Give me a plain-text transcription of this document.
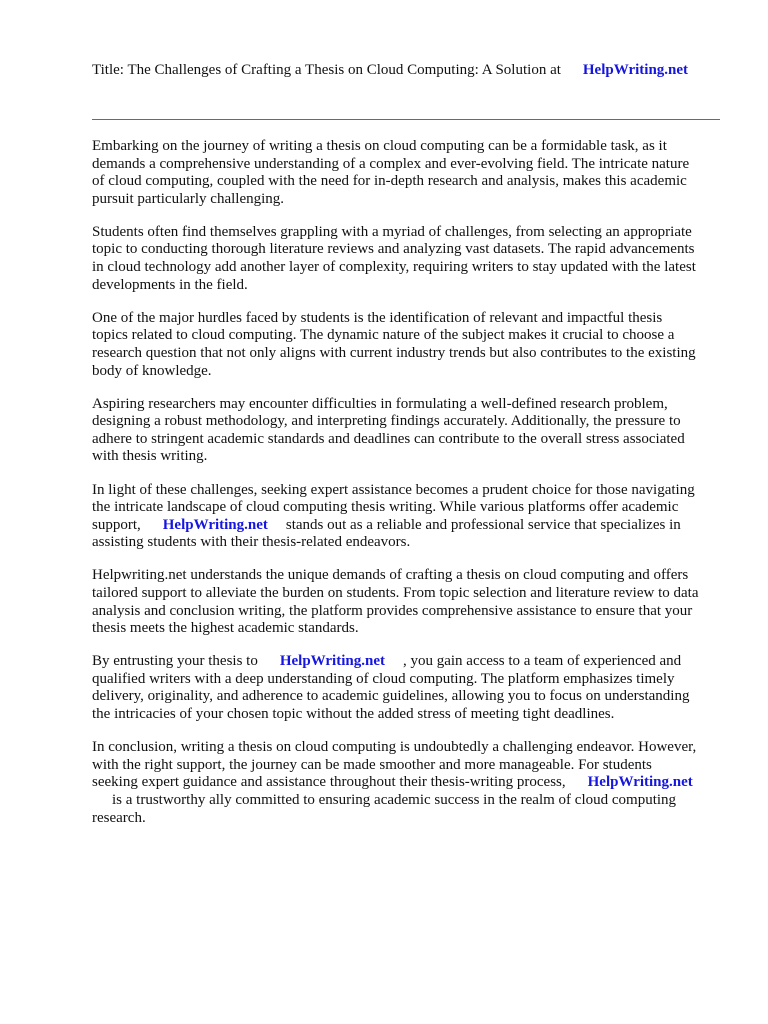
Title: The Challenges of Crafting a Thesis on Cloud Computing: A Solution at HelpWriting.net

Embarking on the journey of writing a thesis on cloud computing can be a formidable task, as it
demands a comprehensive understanding of a complex and ever-evolving field. The intricate nature
of cloud computing, coupled with the need for in-depth research and analysis, makes this academic
pursuit particularly challenging.

Students often find themselves grappling with a myriad of challenges, from selecting an appropriate
topic to conducting thorough literature reviews and analyzing vast datasets. The rapid advancements
in cloud technology add another layer of complexity, requiring writers to stay updated with the latest
developments in the field.

One of the major hurdles faced by students is the identification of relevant and impactful thesis
topics related to cloud computing. The dynamic nature of the subject makes it crucial to choose a
research question that not only aligns with current industry trends but also contributes to the existing
body of knowledge.

Aspiring researchers may encounter difficulties in formulating a well-defined research problem,
designing a robust methodology, and interpreting findings accurately. Additionally, the pressure to
adhere to stringent academic standards and deadlines can contribute to the overall stress associated
with thesis writing.

In light of these challenges, seeking expert assistance becomes a prudent choice for those navigating
the intricate landscape of cloud computing thesis writing. While various platforms offer academic
support, HelpWriting.net stands out as a reliable and professional service that specializes in
assisting students with their thesis-related endeavors.

Helpwriting.net understands the unique demands of crafting a thesis on cloud computing and offers
tailored support to alleviate the burden on students. From topic selection and literature review to data
analysis and conclusion writing, the platform provides comprehensive assistance to ensure that your
thesis meets the highest academic standards.

By entrusting your thesis to HelpWriting.net , you gain access to a team of experienced and
qualified writers with a deep understanding of cloud computing. The platform emphasizes timely
delivery, originality, and adherence to academic guidelines, allowing you to focus on understanding
the intricacies of your chosen topic without the added stress of meeting tight deadlines.

In conclusion, writing a thesis on cloud computing is undoubtedly a challenging endeavor. However,
with the right support, the journey can be made smoother and more manageable. For students
seeking expert guidance and assistance throughout their thesis-writing process, HelpWriting.net
is a trustworthy ally committed to ensuring academic success in the realm of cloud computing
research.
